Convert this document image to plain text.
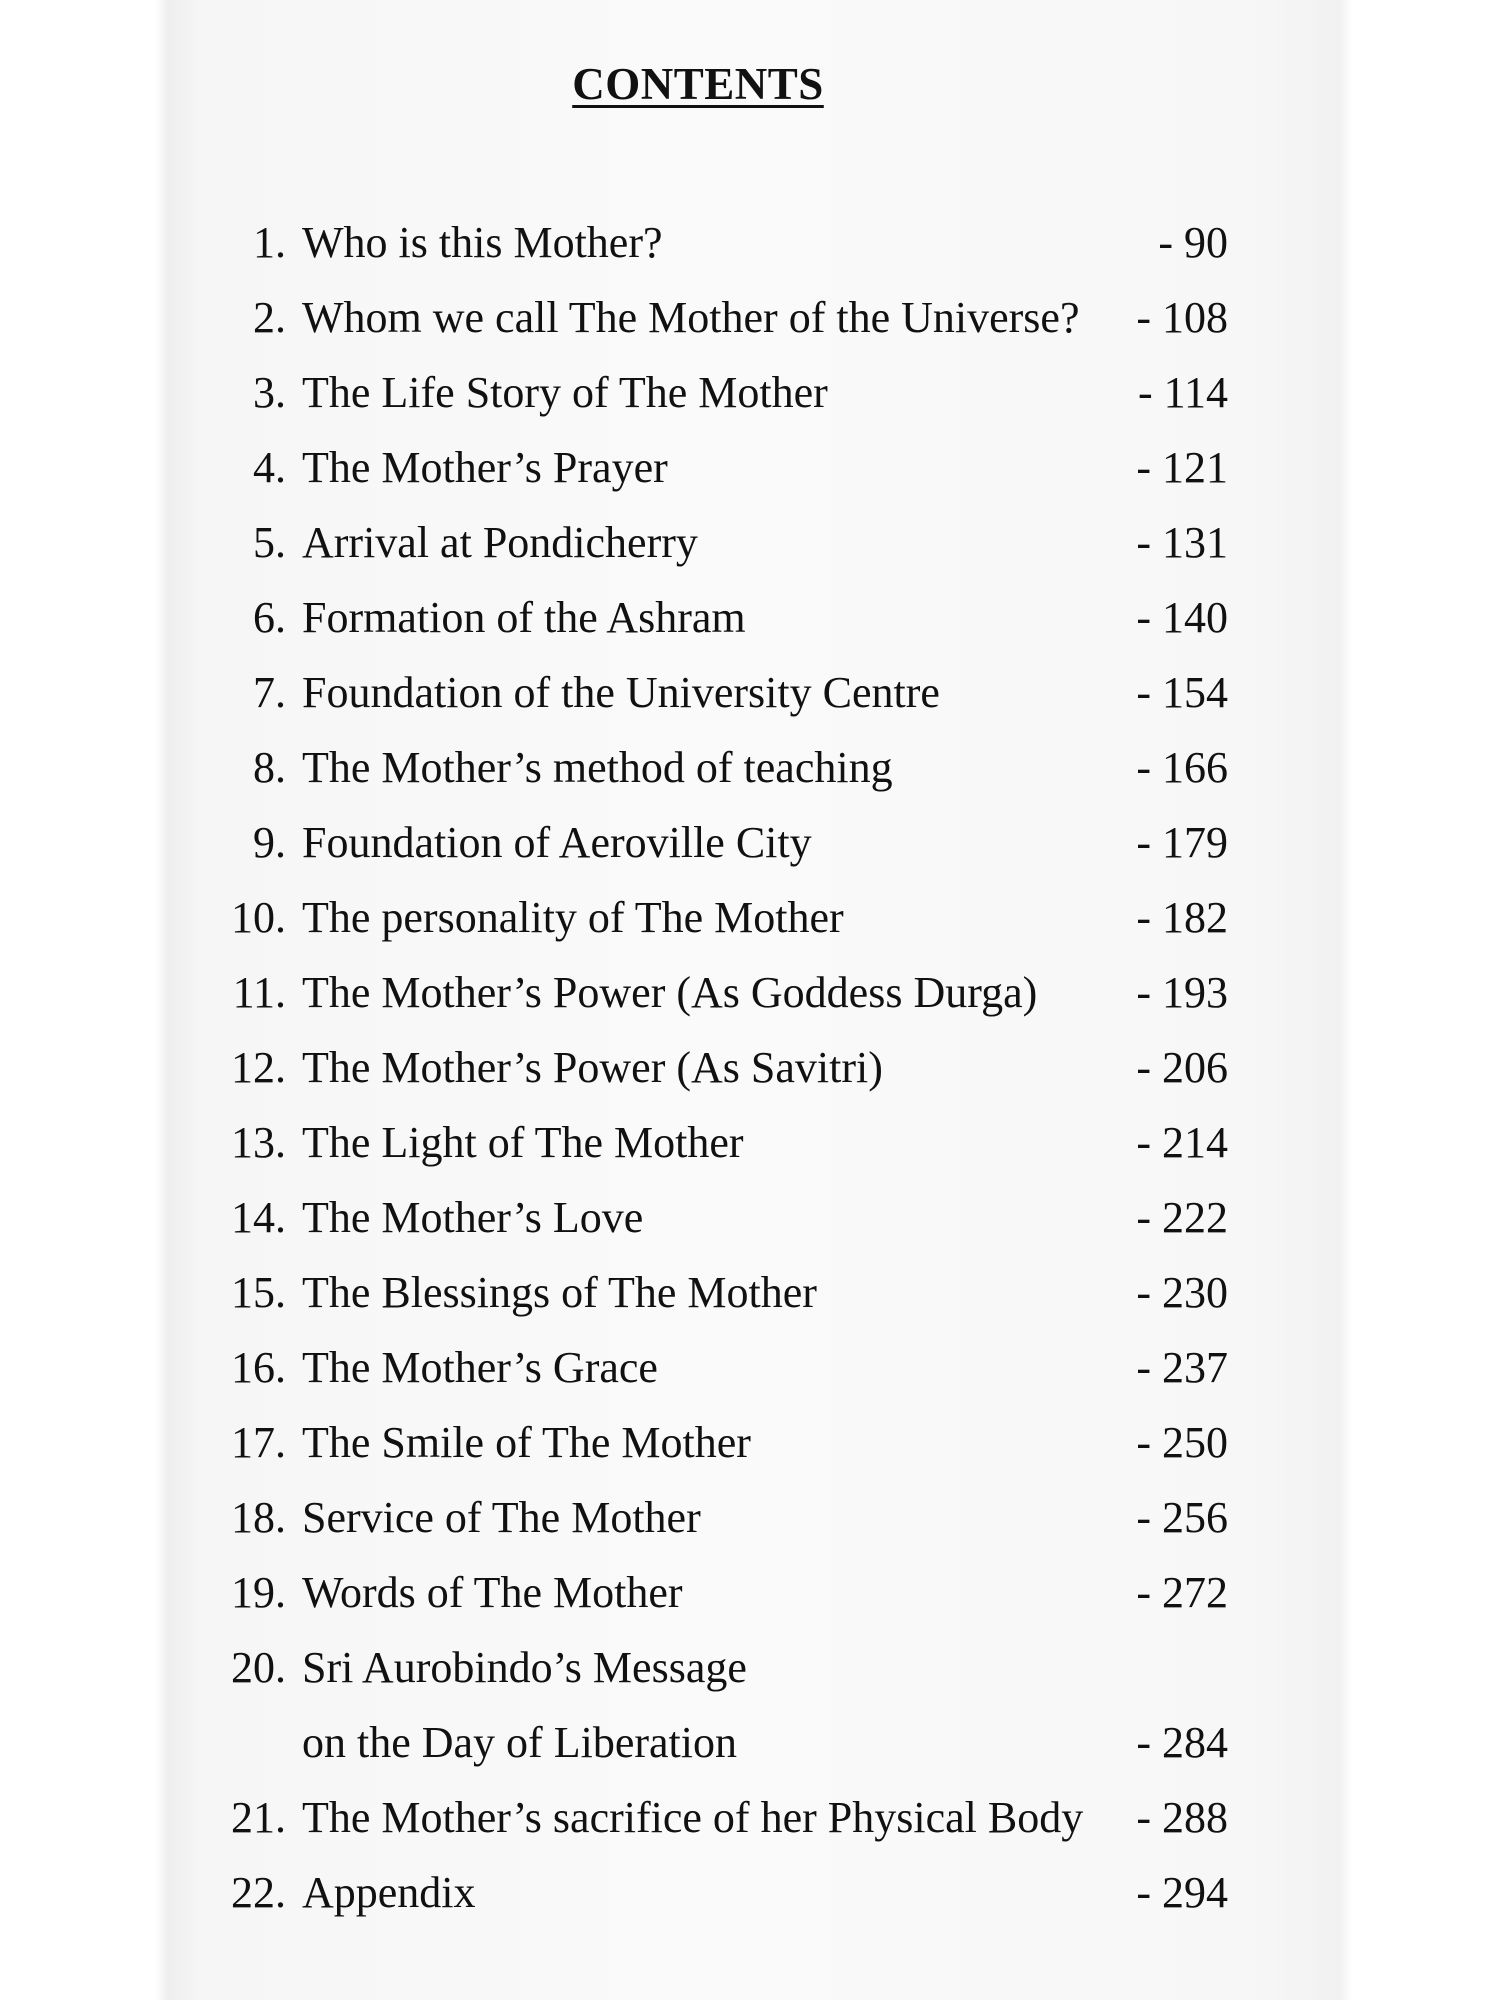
CONTENTS
1. Who is this Mother?	- 90
2. Whom we call The Mother of the Universe?	- 108
3. The Life Story of The Mother	- 114
4. The Mother’s Prayer	- 121
5. Arrival at Pondicherry	- 131
6. Formation of the Ashram	- 140
7. Foundation of the University Centre	- 154
8. The Mother’s method of teaching	- 166
9. Foundation of Aeroville City	- 179
10. The personality of The Mother	- 182
11. The Mother’s Power (As Goddess Durga)	- 193
12. The Mother’s Power (As Savitri)	- 206
13. The Light of The Mother	- 214
14. The Mother’s Love	- 222
15. The Blessings of The Mother	- 230
16. The Mother’s Grace	- 237
17. The Smile of The Mother	- 250
18. Service of The Mother	- 256
19. Words of The Mother	- 272
20. Sri Aurobindo’s Message
on the Day of Liberation	- 284
21. The Mother’s sacrifice of her Physical Body	- 288
22. Appendix	- 294
